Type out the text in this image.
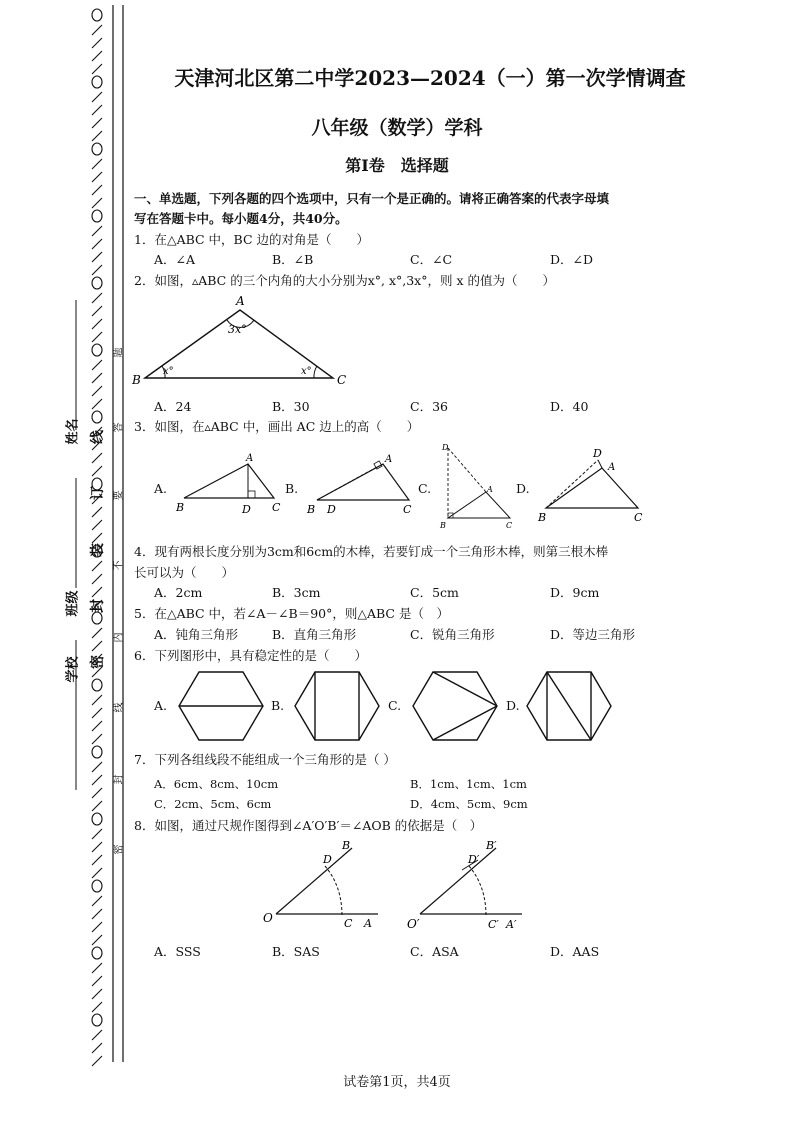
姓名
班级
学校
线
订
装
封
密
题
答
要
不
内
线
封
密
天津河北区第二中学2023—2024（一）第一次学情调查
八年级（数学）学科
第Ⅰ卷　选择题
一、单选题，下列各题的四个选项中，只有一个是正确的。请将正确答案的代表字母填
写在答题卡中。每小题4分，共40分。
1．在△ABC 中，BC 边的对角是（　　）
A．∠A	B．∠B	C．∠C	D．∠D
2．如图，▵ABC 的三个内角的大小分别为x°, x°,3x°，则 x 的值为（　　）
A
B	C
3x°
x°	x°
A．24	B．30	C．36	D．40
3．如图，在▵ABC 中，画出 AC 边上的高（　　）
A.
A
B	D C
B.
A
B D	C
C.
D
A
B	C
D.
D
A
B	C
4．现有两根长度分别为3cm和6cm的木棒，若要钉成一个三角形木棒，则第三根木棒
长可以为（　　）
A．2cm	B．3cm	C．5cm	D．9cm
5．在△ABC 中，若∠A－∠B＝90°，则△ABC 是（　）
A．钝角三角形	B．直角三角形	C．锐角三角形	D．等边三角形
6．下列图形中，具有稳定性的是（　　）
A.	B.	C.	D.
7．下列各组线段不能组成一个三角形的是（ ）
A．6cm、8cm、10cm	B．1cm、1cm、1cm
C．2cm、5cm、6cm	D．4cm、5cm、9cm
8．如图，通过尺规作图得到∠A′O′B′＝∠AOB 的依据是（　）
O	C A
D
B
O′	C′ A′
D′
B′
A．SSS	B．SAS	C．ASA	D．AAS
试卷第1页，共4页
